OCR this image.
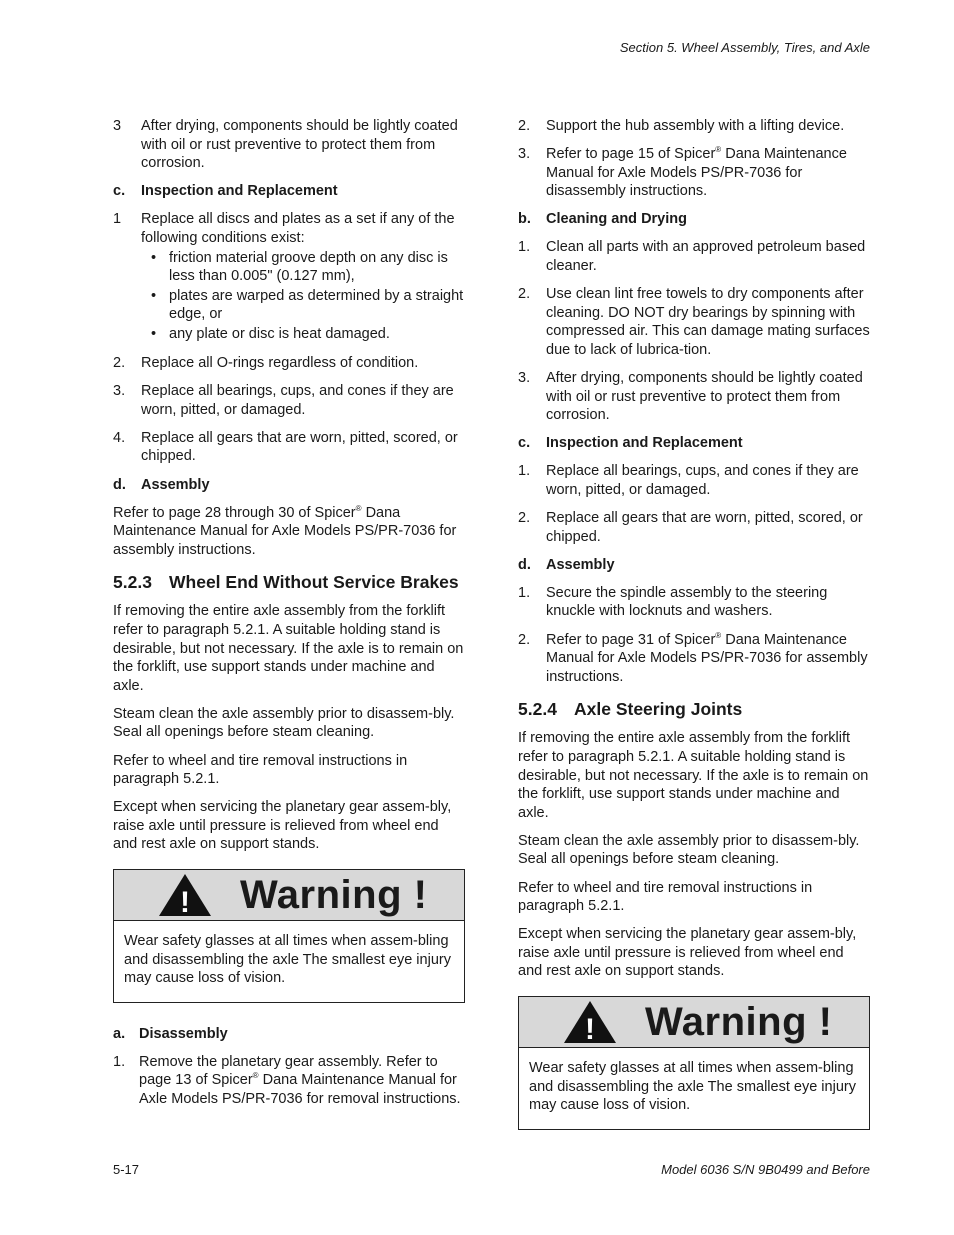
Section 5. Wheel Assembly, Tires, and Axle
3	After drying, components should be lightly coated with oil or rust preventive to protect them from corrosion.
c.	Inspection and Replacement
1	Replace all discs and plates as a set if any of the following conditions exist:
• friction material groove depth on any disc is less than 0.005" (0.127 mm),
• plates are warped as determined by a straight edge, or
• any plate or disc is heat damaged.
2.	Replace all O-rings regardless of condition.
3.	Replace all bearings, cups, and cones if they are worn, pitted, or damaged.
4.	Replace all gears that are worn, pitted, scored, or chipped.
d.	Assembly

Refer to page 28 through 30 of Spicer® Dana Maintenance Manual for Axle Models PS/PR-7036 for assembly instructions.

5.2.3 Wheel End Without Service Brakes

If removing the entire axle assembly from the forklift refer to paragraph 5.2.1. A suitable holding stand is desirable, but not necessary. If the axle is to remain on the forklift, use support stands under machine and axle.

Steam clean the axle assembly prior to disassem-bly. Seal all openings before steam cleaning.

Refer to wheel and tire removal instructions in paragraph 5.2.1.

Except when servicing the planetary gear assem-bly, raise axle until pressure is relieved from wheel end and rest axle on support stands.

! Warning !
Wear safety glasses at all times when assem-bling and disassembling the axle The smallest eye injury may cause loss of vision.
a. Disassembly
1. Remove the planetary gear assembly. Refer to page 13 of Spicer® Dana Maintenance Manual for Axle Models PS/PR-7036 for removal instructions.
2.	Support the hub assembly with a lifting device.
3.	Refer to page 15 of Spicer® Dana Maintenance Manual for Axle Models PS/PR-7036 for disassembly instructions.
b.	Cleaning and Drying
1.	Clean all parts with an approved petroleum based cleaner.
2.	Use clean lint free towels to dry components after cleaning. DO NOT dry bearings by spinning with compressed air. This can damage mating surfaces due to lack of lubrica-tion.
3.	After drying, components should be lightly coated with oil or rust preventive to protect them from corrosion.
c.	Inspection and Replacement
1.	Replace all bearings, cups, and cones if they are worn, pitted, or damaged.
2.	Replace all gears that are worn, pitted, scored, or chipped.
d.	Assembly
1.	Secure the spindle assembly to the steering knuckle with locknuts and washers.
2.	Refer to page 31 of Spicer® Dana Maintenance Manual for Axle Models PS/PR-7036 for assembly instructions.
5.2.4 Axle Steering Joints

If removing the entire axle assembly from the forklift refer to paragraph 5.2.1. A suitable holding stand is desirable, but not necessary. If the axle is to remain on the forklift, use support stands under machine and axle.

Steam clean the axle assembly prior to disassem-bly. Seal all openings before steam cleaning.

Refer to wheel and tire removal instructions in paragraph 5.2.1.

Except when servicing the planetary gear assem-bly, raise axle until pressure is relieved from wheel end and rest axle on support stands.

! Warning !
Wear safety glasses at all times when assem-bling and disassembling the axle The smallest eye injury may cause loss of vision.
5-17	Model 6036 S/N 9B0499 and Before
